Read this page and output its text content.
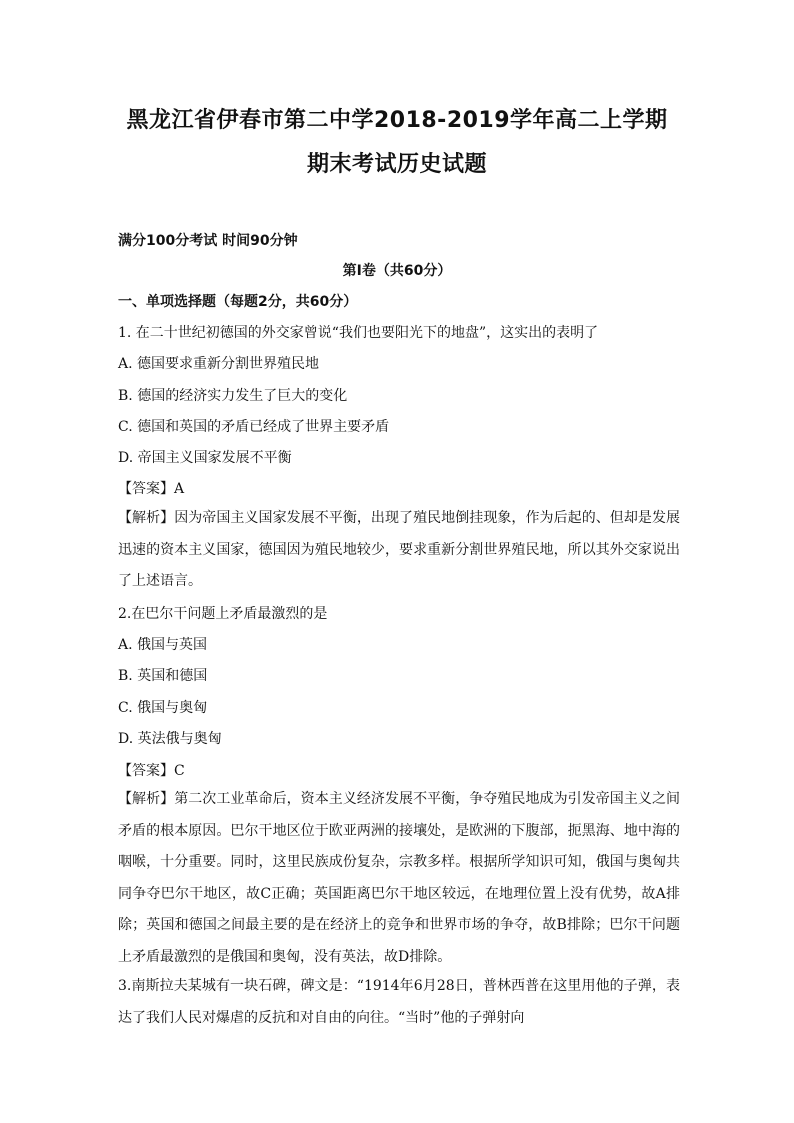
黑龙江省伊春市第二中学2018-2019学年高二上学期
期末考试历史试题
满分100分考试 时间90分钟
第Ⅰ卷（共60分）
一、单项选择题（每题2分，共60分）
1. 在二十世纪初德国的外交家曾说“我们也要阳光下的地盘”，这实出的表明了
A. 德国要求重新分割世界殖民地
B. 德国的经济实力发生了巨大的变化
C. 德国和英国的矛盾已经成了世界主要矛盾
D. 帝国主义国家发展不平衡
【答案】A
【解析】因为帝国主义国家发展不平衡，出现了殖民地倒挂现象，作为后起的、但却是发展迅速的资本主义国家，德国因为殖民地较少，要求重新分割世界殖民地，所以其外交家说出了上述语言。
2.在巴尔干问题上矛盾最激烈的是
A. 俄国与英国
B. 英国和德国
C. 俄国与奥匈
D. 英法俄与奥匈
【答案】C
【解析】第二次工业革命后，资本主义经济发展不平衡，争夺殖民地成为引发帝国主义之间矛盾的根本原因。巴尔干地区位于欧亚两洲的接壤处，是欧洲的下腹部，扼黑海、地中海的咽喉，十分重要。同时，这里民族成份复杂，宗教多样。根据所学知识可知，俄国与奥匈共同争夺巴尔干地区，故C正确；英国距离巴尔干地区较远，在地理位置上没有优势，故A排除；英国和德国之间最主要的是在经济上的竞争和世界市场的争夺，故B排除；巴尔干问题上矛盾最激烈的是俄国和奥匈，没有英法，故D排除。
3.南斯拉夫某城有一块石碑，碑文是：“1914年6月28日，普林西普在这里用他的子弹，表达了我们人民对爆虐的反抗和对自由的向往。“当时”他的子弹射向
